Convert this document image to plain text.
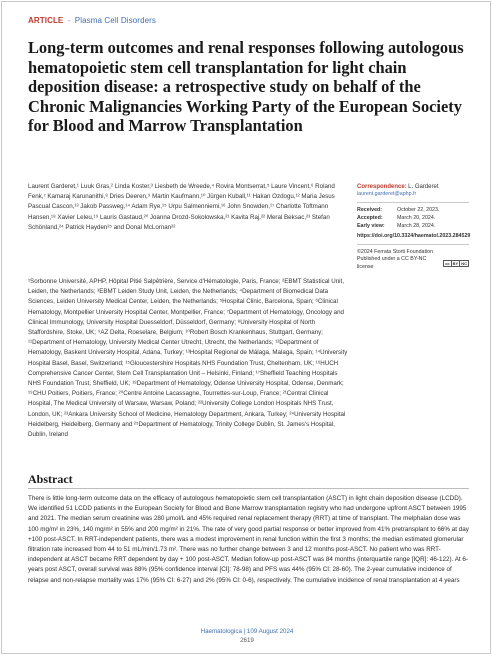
ARTICLE - Plasma Cell Disorders
Long-term outcomes and renal responses following autologous hematopoietic stem cell transplantation for light chain deposition disease: a retrospective study on behalf of the Chronic Malignancies Working Party of the European Society for Blood and Marrow Transplantation

Laurent Garderet,¹ Luuk Gras,² Linda Koster,³ Liesbeth de Wreede,⁴ Rovira Montserrat,⁵ Laure Vincent,⁶ Roland Fenk,⁷ Kamaraj Karunanithi,⁸ Dries Deeren,⁹ Martin Kaufmann,¹⁰ Jürgen Kuball,¹¹ Hakan Ozdogu,¹² Maria Jesus Pascual Cascon,¹³ Jakob Passweg,¹⁴ Adam Rye,¹⁵ Urpu Salmenniemi,¹⁶ John Snowden,¹⁷ Charlotte Toftmann Hansen,¹⁸ Xavier Leleu,¹⁹ Lauris Gastaud,²⁰ Joanna Drozd-Sokolowska,²¹ Kavita Raj,²² Meral Beksac,²³ Stefan Schönland,²⁴ Patrick Hayden²⁵ and Donal McLornan²²

¹Sorbonne Université, APHP, Hôpital Pitié Salpêtrière, Service d'Hématologie, Paris, France; ²EBMT Statistical Unit, Leiden, the Netherlands; ³EBMT Leiden Study Unit, Leiden, the Netherlands; ⁴Department of Biomedical Data Sciences, Leiden University Medical Center, Leiden, the Netherlands; ⁵Hospital Clinic, Barcelona, Spain; ⁶Clinical Hematology, Montpellier University Hospital Center, Montpellier, France; ⁷Department of Hematology, Oncology and Clinical Immunology, University Hospital Duesseldorf, Düsseldorf, Germany; ⁸University Hospital of North Staffordshire, Stoke, UK; ⁹AZ Delta, Roeselare, Belgium; ¹⁰Robert Bosch Krankenhaus, Stuttgart, Germany; ¹¹Department of Hematology, University Medical Center Utrecht, Utrecht, the Netherlands; ¹²Department of Hematology, Baskent University Hospital, Adana, Turkey; ¹³Hospital Regional de Málaga, Malaga, Spain; ¹⁴University Hospital Basel, Basel, Switzerland; ¹⁵Gloucestershire Hospitals NHS Foundation Trust, Cheltenham, UK; ¹⁶HUCH Comprehensive Cancer Center, Stem Cell Transplantation Unit – Helsinki, Finland; ¹⁷Sheffield Teaching Hospitals NHS Foundation Trust, Sheffield, UK; ¹⁸Department of Hematology, Odense University Hospital, Odense, Denmark; ¹⁹CHU Poitiers, Poitiers, France; ²⁰Centre Antoine Lacassagne, Tourrettes-sur-Loup, France; ²¹Central Clinical Hospital, The Medical University of Warsaw, Warsaw, Poland; ²²University College London Hospitals NHS Trust, London, UK; ²³Ankara University School of Medicine, Hematology Department, Ankara, Turkey; ²⁴University Hospital Heidelberg, Heidelberg, Germany and ²⁵Department of Hematology, Trinity College Dublin, St. James's Hospital, Dublin, Ireland

Correspondence: L. Garderet
laurent.garderet@aphp.fr
Received:	October 22, 2023.
Accepted:	March 20, 2024.
Early view:	March 28, 2024.
https://doi.org/10.3324/haematol.2023.284529
©2024 Ferrata Storti Foundation
Published under a CC BY-NC license	cc BY NC
Abstract

There is little long-term outcome data on the efficacy of autologous hematopoietic stem cell transplantation (ASCT) in light chain deposition disease (LCDD). We identified 51 LCDD patients in the European Society for Blood and Bone Marrow transplantation registry who had undergone upfront ASCT between 1995 and 2021. The median serum creatinine was 280 μmol/L and 45% required renal replacement therapy (RRT) at time of transplant. The melphalan dose was 100 mg/m² in 23%, 140 mg/m² in 55% and 200 mg/m² in 21%. The rate of very good partial response or better improved from 41% pretransplant to 66% at day +100 post-ASCT. In RRT-independent patients, there was a modest improvement in renal function within the first 3 months; the median estimated glomerular filtration rate increased from 44 to 51 mL/min/1.73 m². There was no further change between 3 and 12 months post-ASCT. No patient who was RRT-independent at ASCT became RRT dependent by day + 100 post-ASCT. Median follow-up post-ASCT was 84 months (interquartile range [IQR]: 46-122). At 6-years post ASCT, overall survival was 88% (95% confidence interval [CI]: 78-98) and PFS was 44% (95% CI: 28-60). The 2-year cumulative incidence of relapse and non-relapse mortality was 17% (95% CI: 6-27) and 2% (95% CI: 0-6), respectively. The cumulative incidence of renal transplantation at 4 years

Haematologica | 109 August 2024
2619
